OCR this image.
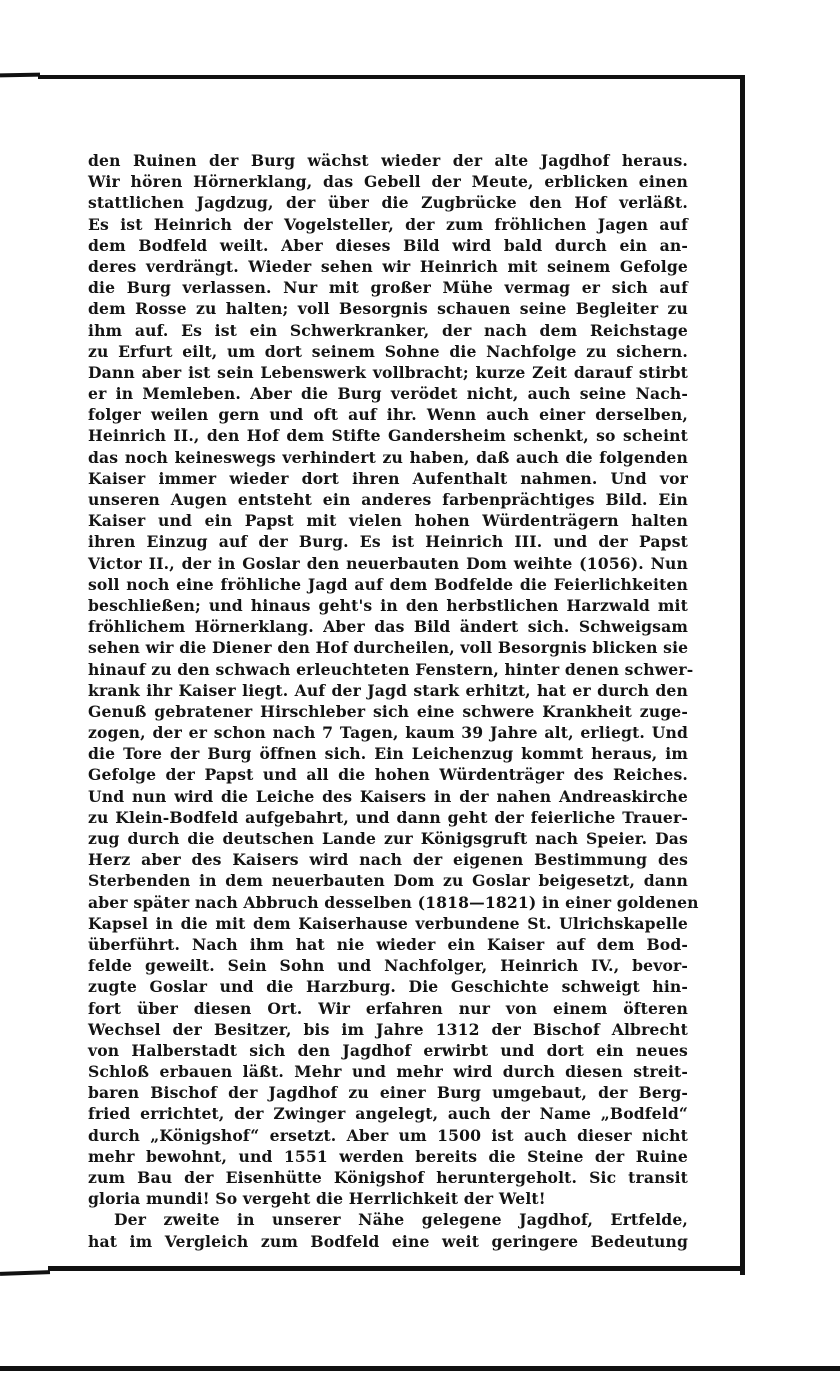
den Ruinen der Burg wächst wieder der alte Jagdhof heraus.
Wir hören Hörnerklang, das Gebell der Meute, erblicken einen
stattlichen Jagdzug, der über die Zugbrücke den Hof verläßt.
Es ist Heinrich der Vogelsteller, der zum fröhlichen Jagen auf
dem Bodfeld weilt. Aber dieses Bild wird bald durch ein an-
deres verdrängt. Wieder sehen wir Heinrich mit seinem Gefolge
die Burg verlassen. Nur mit großer Mühe vermag er sich auf
dem Rosse zu halten; voll Besorgnis schauen seine Begleiter zu
ihm auf. Es ist ein Schwerkranker, der nach dem Reichstage
zu Erfurt eilt, um dort seinem Sohne die Nachfolge zu sichern.
Dann aber ist sein Lebenswerk vollbracht; kurze Zeit darauf stirbt
er in Memleben. Aber die Burg verödet nicht, auch seine Nach-
folger weilen gern und oft auf ihr. Wenn auch einer derselben,
Heinrich II., den Hof dem Stifte Gandersheim schenkt, so scheint
das noch keineswegs verhindert zu haben, daß auch die folgenden
Kaiser immer wieder dort ihren Aufenthalt nahmen. Und vor
unseren Augen entsteht ein anderes farbenprächtiges Bild. Ein
Kaiser und ein Papst mit vielen hohen Würdenträgern halten
ihren Einzug auf der Burg. Es ist Heinrich III. und der Papst
Victor II., der in Goslar den neuerbauten Dom weihte (1056). Nun
soll noch eine fröhliche Jagd auf dem Bodfelde die Feierlichkeiten
beschließen; und hinaus geht's in den herbstlichen Harzwald mit
fröhlichem Hörnerklang. Aber das Bild ändert sich. Schweigsam
sehen wir die Diener den Hof durcheilen, voll Besorgnis blicken sie
hinauf zu den schwach erleuchteten Fenstern, hinter denen schwer-
krank ihr Kaiser liegt. Auf der Jagd stark erhitzt, hat er durch den
Genuß gebratener Hirschleber sich eine schwere Krankheit zuge-
zogen, der er schon nach 7 Tagen, kaum 39 Jahre alt, erliegt. Und
die Tore der Burg öffnen sich. Ein Leichenzug kommt heraus, im
Gefolge der Papst und all die hohen Würdenträger des Reiches.
Und nun wird die Leiche des Kaisers in der nahen Andreaskirche
zu Klein-Bodfeld aufgebahrt, und dann geht der feierliche Trauer-
zug durch die deutschen Lande zur Königsgruft nach Speier. Das
Herz aber des Kaisers wird nach der eigenen Bestimmung des
Sterbenden in dem neuerbauten Dom zu Goslar beigesetzt, dann
aber später nach Abbruch desselben (1818—1821) in einer goldenen
Kapsel in die mit dem Kaiserhause verbundene St. Ulrichskapelle
überführt. Nach ihm hat nie wieder ein Kaiser auf dem Bod-
felde geweilt. Sein Sohn und Nachfolger, Heinrich IV., bevor-
zugte Goslar und die Harzburg. Die Geschichte schweigt hin-
fort über diesen Ort. Wir erfahren nur von einem öfteren
Wechsel der Besitzer, bis im Jahre 1312 der Bischof Albrecht
von Halberstadt sich den Jagdhof erwirbt und dort ein neues
Schloß erbauen läßt. Mehr und mehr wird durch diesen streit-
baren Bischof der Jagdhof zu einer Burg umgebaut, der Berg-
fried errichtet, der Zwinger angelegt, auch der Name „Bodfeld“
durch „Königshof“ ersetzt. Aber um 1500 ist auch dieser nicht
mehr bewohnt, und 1551 werden bereits die Steine der Ruine
zum Bau der Eisenhütte Königshof heruntergeholt. Sic transit
gloria mundi! So vergeht die Herrlichkeit der Welt!
Der zweite in unserer Nähe gelegene Jagdhof, Ertfelde,
hat im Vergleich zum Bodfeld eine weit geringere Bedeutung
